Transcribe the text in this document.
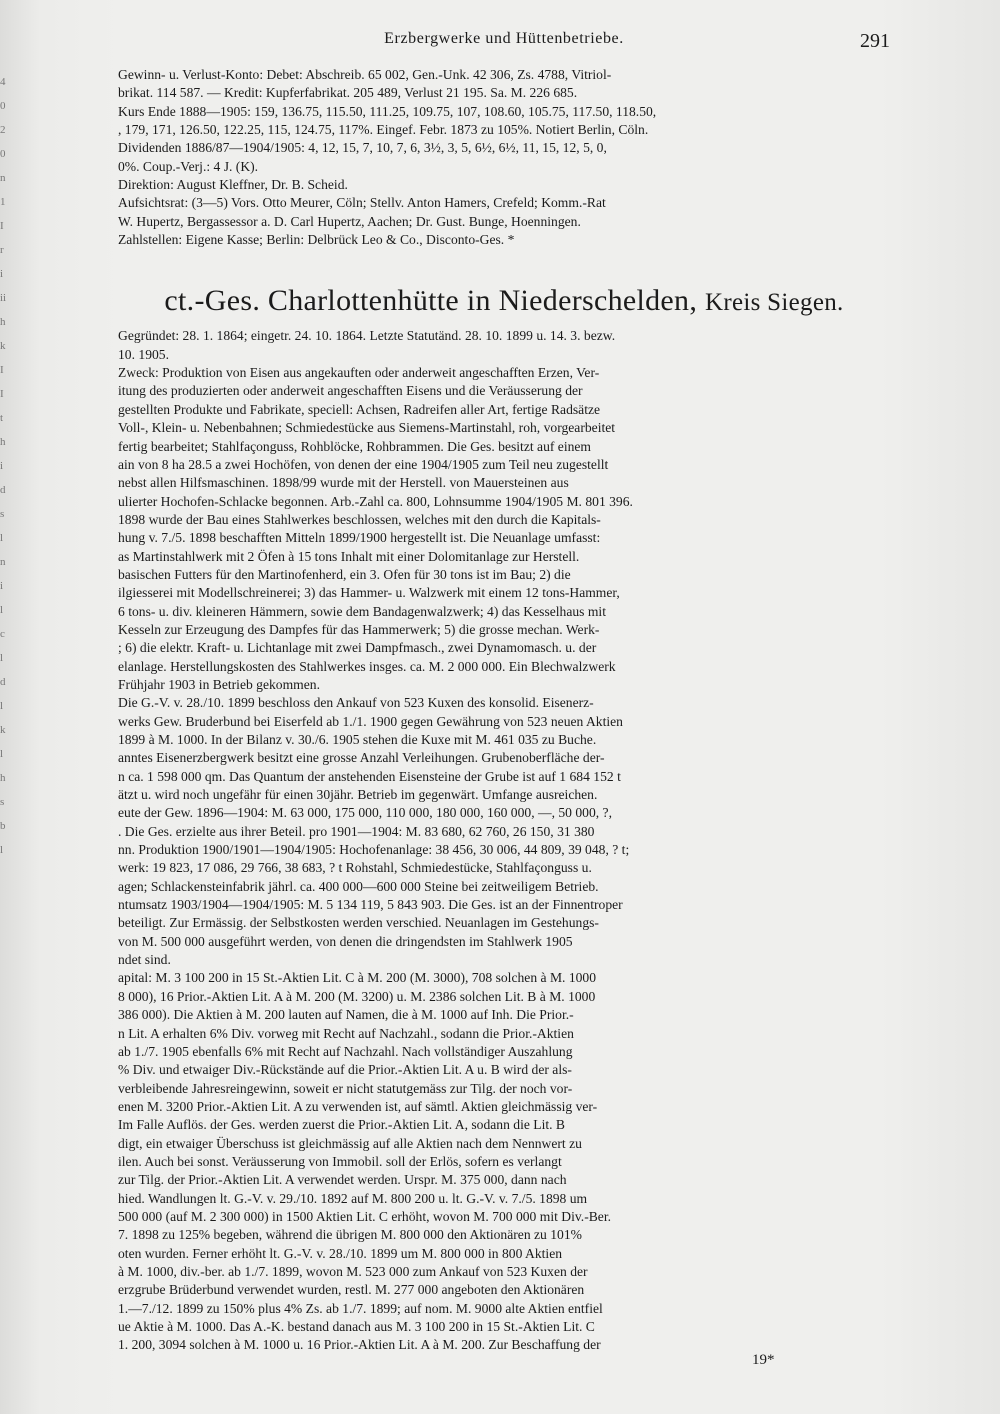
4
0
2
0
n
1
I
r
i
ii
h
k
I
I
t
h
i
d
s
l
n
i
l
c
l
d
l
k
l
h
s
b
l
Erzbergwerke und Hüttenbetriebe.	291
Gewinn- u. Verlust-Konto: Debet: Abschreib. 65 002, Gen.-Unk. 42 306, Zs. 4788, Vitriol-
brikat. 114 587. — Kredit: Kupferfabrikat. 205 489, Verlust 21 195. Sa. M. 226 685.
Kurs Ende 1888—1905: 159, 136.75, 115.50, 111.25, 109.75, 107, 108.60, 105.75, 117.50, 118.50,
, 179, 171, 126.50, 122.25, 115, 124.75, 117%. Eingef. Febr. 1873 zu 105%. Notiert Berlin, Cöln.
Dividenden 1886/87—1904/1905: 4, 12, 15, 7, 10, 7, 6, 3½, 3, 5, 6½, 6½, 11, 15, 12, 5, 0,
0%. Coup.-Verj.: 4 J. (K).
Direktion: August Kleffner, Dr. B. Scheid.
Aufsichtsrat: (3—5) Vors. Otto Meurer, Cöln; Stellv. Anton Hamers, Crefeld; Komm.-Rat
W. Hupertz, Bergassessor a. D. Carl Hupertz, Aachen; Dr. Gust. Bunge, Hoenningen.
Zahlstellen: Eigene Kasse; Berlin: Delbrück Leo & Co., Disconto-Ges. *
ct.-Ges. Charlottenhütte in Niederschelden, Kreis Siegen.
Gegründet: 28. 1. 1864; eingetr. 24. 10. 1864. Letzte Statutänd. 28. 10. 1899 u. 14. 3. bezw.
10. 1905.
Zweck: Produktion von Eisen aus angekauften oder anderweit angeschafften Erzen, Ver-
itung des produzierten oder anderweit angeschafften Eisens und die Veräusserung der
gestellten Produkte und Fabrikate, speciell: Achsen, Radreifen aller Art, fertige Radsätze
Voll-, Klein- u. Nebenbahnen; Schmiedestücke aus Siemens-Martinstahl, roh, vorgearbeitet
fertig bearbeitet; Stahlfaçonguss, Rohblöcke, Rohbrammen. Die Ges. besitzt auf einem
ain von 8 ha 28.5 a zwei Hochöfen, von denen der eine 1904/1905 zum Teil neu zugestellt
nebst allen Hilfsmaschinen. 1898/99 wurde mit der Herstell. von Mauersteinen aus
ulierter Hochofen-Schlacke begonnen. Arb.-Zahl ca. 800, Lohnsumme 1904/1905 M. 801 396.
1898 wurde der Bau eines Stahlwerkes beschlossen, welches mit den durch die Kapitals-
hung v. 7./5. 1898 beschafften Mitteln 1899/1900 hergestellt ist. Die Neuanlage umfasst:
as Martinstahlwerk mit 2 Öfen à 15 tons Inhalt mit einer Dolomitanlage zur Herstell.
basischen Futters für den Martinofenherd, ein 3. Ofen für 30 tons ist im Bau; 2) die
ilgiesserei mit Modellschreinerei; 3) das Hammer- u. Walzwerk mit einem 12 tons-Hammer,
6 tons- u. div. kleineren Hämmern, sowie dem Bandagenwalzwerk; 4) das Kesselhaus mit
Kesseln zur Erzeugung des Dampfes für das Hammerwerk; 5) die grosse mechan. Werk-
; 6) die elektr. Kraft- u. Lichtanlage mit zwei Dampfmasch., zwei Dynamomasch. u. der
elanlage. Herstellungskosten des Stahlwerkes insges. ca. M. 2 000 000. Ein Blechwalzwerk
Frühjahr 1903 in Betrieb gekommen.
Die G.-V. v. 28./10. 1899 beschloss den Ankauf von 523 Kuxen des konsolid. Eisenerz-
werks Gew. Bruderbund bei Eiserfeld ab 1./1. 1900 gegen Gewährung von 523 neuen Aktien
1899 à M. 1000. In der Bilanz v. 30./6. 1905 stehen die Kuxe mit M. 461 035 zu Buche.
anntes Eisenerzbergwerk besitzt eine grosse Anzahl Verleihungen. Grubenoberfläche der-
n ca. 1 598 000 qm. Das Quantum der anstehenden Eisensteine der Grube ist auf 1 684 152 t
ätzt u. wird noch ungefähr für einen 30jähr. Betrieb im gegenwärt. Umfange ausreichen.
eute der Gew. 1896—1904: M. 63 000, 175 000, 110 000, 180 000, 160 000, —, 50 000, ?,
. Die Ges. erzielte aus ihrer Beteil. pro 1901—1904: M. 83 680, 62 760, 26 150, 31 380
nn. Produktion 1900/1901—1904/1905: Hochofenanlage: 38 456, 30 006, 44 809, 39 048, ? t;
werk: 19 823, 17 086, 29 766, 38 683, ? t Rohstahl, Schmiedestücke, Stahlfaçonguss u.
agen; Schlackensteinfabrik jährl. ca. 400 000—600 000 Steine bei zeitweiligem Betrieb.
ntumsatz 1903/1904—1904/1905: M. 5 134 119, 5 843 903. Die Ges. ist an der Finnentroper
beteiligt. Zur Ermässig. der Selbstkosten werden verschied. Neuanlagen im Gestehungs-
von M. 500 000 ausgeführt werden, von denen die dringendsten im Stahlwerk 1905
ndet sind.
apital: M. 3 100 200 in 15 St.-Aktien Lit. C à M. 200 (M. 3000), 708 solchen à M. 1000
8 000), 16 Prior.-Aktien Lit. A à M. 200 (M. 3200) u. M. 2386 solchen Lit. B à M. 1000
386 000). Die Aktien à M. 200 lauten auf Namen, die à M. 1000 auf Inh. Die Prior.-
n Lit. A erhalten 6% Div. vorweg mit Recht auf Nachzahl., sodann die Prior.-Aktien
ab 1./7. 1905 ebenfalls 6% mit Recht auf Nachzahl. Nach vollständiger Auszahlung
% Div. und etwaiger Div.-Rückstände auf die Prior.-Aktien Lit. A u. B wird der als-
verbleibende Jahresreingewinn, soweit er nicht statutgemäss zur Tilg. der noch vor-
enen M. 3200 Prior.-Aktien Lit. A zu verwenden ist, auf sämtl. Aktien gleichmässig ver-
Im Falle Auflös. der Ges. werden zuerst die Prior.-Aktien Lit. A, sodann die Lit. B
digt, ein etwaiger Überschuss ist gleichmässig auf alle Aktien nach dem Nennwert zu
ilen. Auch bei sonst. Veräusserung von Immobil. soll der Erlös, sofern es verlangt
zur Tilg. der Prior.-Aktien Lit. A verwendet werden. Urspr. M. 375 000, dann nach
hied. Wandlungen lt. G.-V. v. 29./10. 1892 auf M. 800 200 u. lt. G.-V. v. 7./5. 1898 um
500 000 (auf M. 2 300 000) in 1500 Aktien Lit. C erhöht, wovon M. 700 000 mit Div.-Ber.
7. 1898 zu 125% begeben, während die übrigen M. 800 000 den Aktionären zu 101%
oten wurden. Ferner erhöht lt. G.-V. v. 28./10. 1899 um M. 800 000 in 800 Aktien
à M. 1000, div.-ber. ab 1./7. 1899, wovon M. 523 000 zum Ankauf von 523 Kuxen der
erzgrube Brüderbund verwendet wurden, restl. M. 277 000 angeboten den Aktionären
1.—7./12. 1899 zu 150% plus 4% Zs. ab 1./7. 1899; auf nom. M. 9000 alte Aktien entfiel
ue Aktie à M. 1000. Das A.-K. bestand danach aus M. 3 100 200 in 15 St.-Aktien Lit. C
1. 200, 3094 solchen à M. 1000 u. 16 Prior.-Aktien Lit. A à M. 200. Zur Beschaffung der
19*
